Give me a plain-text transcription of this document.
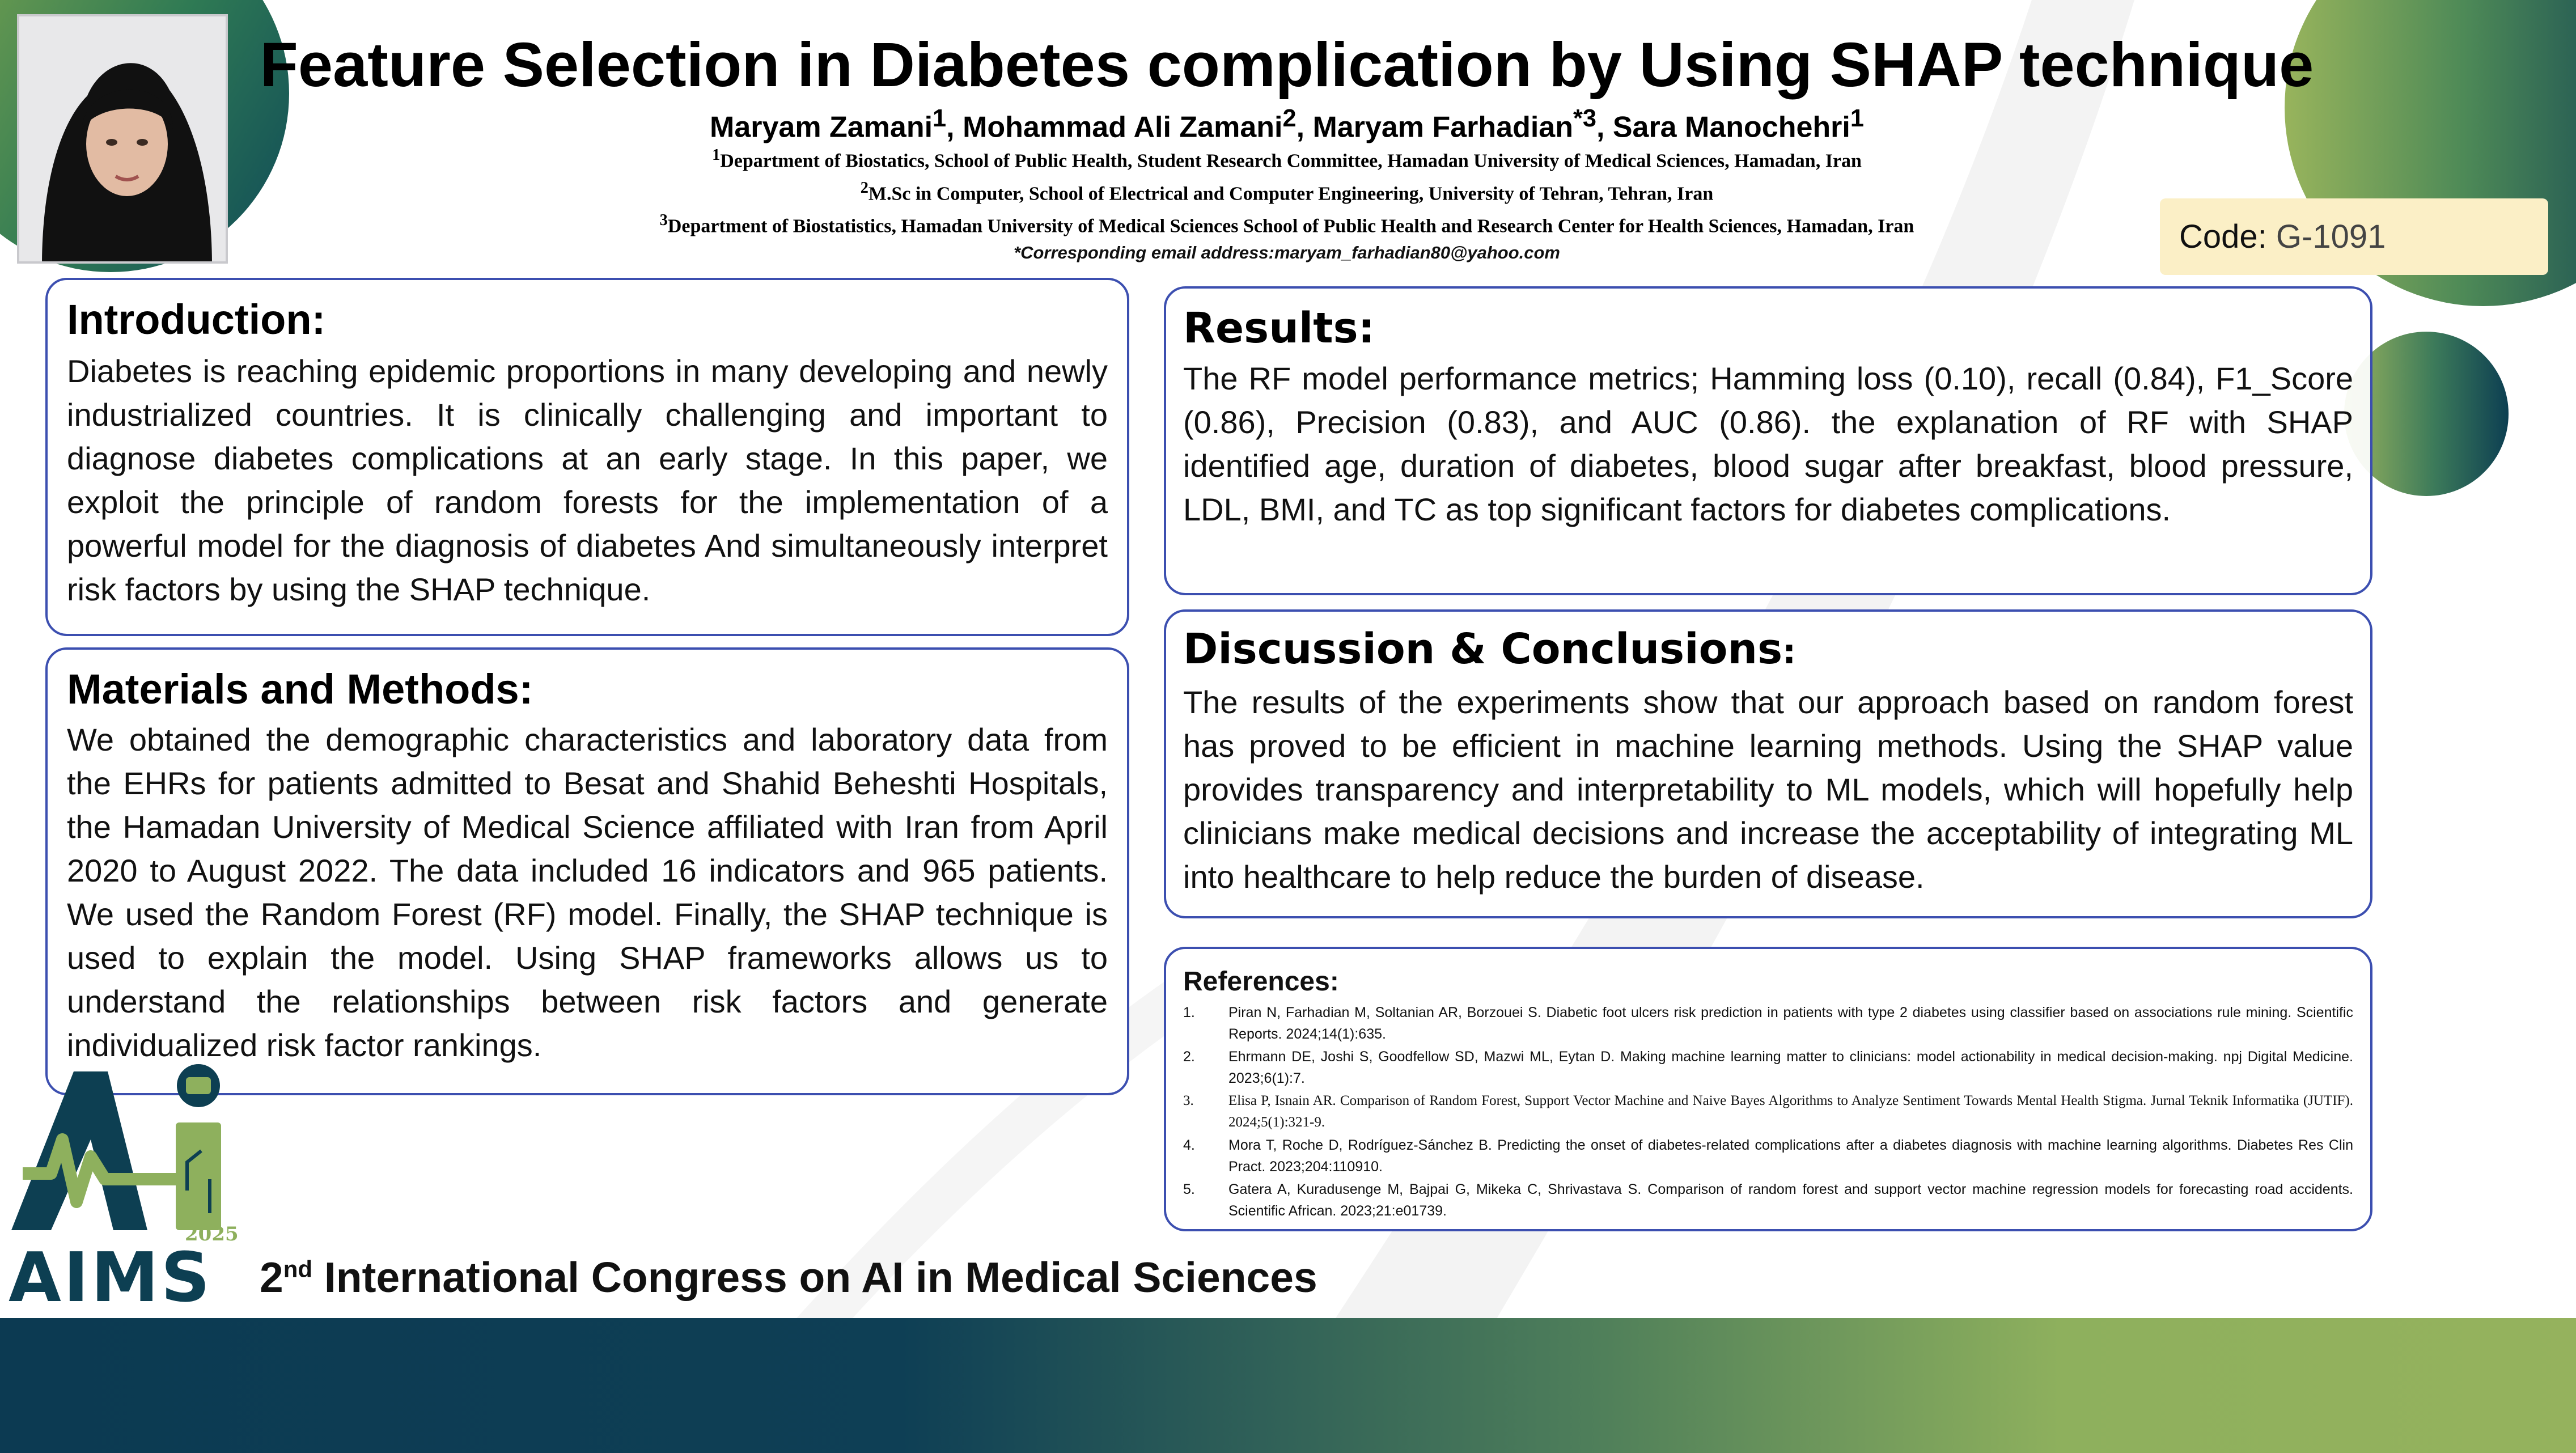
Feature Selection in Diabetes complication by Using SHAP technique
Maryam Zamani$^1$, Mohammad Ali Zamani$^2$, Maryam Farhadian$^{*3}$, Sara Manochehri$^1$
$^1$Department of Biostatics, School of Public Health, Student Research Committee, Hamadan University of Medical Sciences, Hamadan, Iran
$^2$M.Sc in Computer, School of Electrical and Computer Engineering, University of Tehran, Tehran, Iran
$^3$Department of Biostatistics, Hamadan University of Medical Sciences School of Public Health and Research Center for Health Sciences, Hamadan, Iran
*Corresponding email address:maryam_farhadian80@yahoo.com	Code: G-1091
Introduction:

Diabetes is reaching epidemic proportions in many developing and newly industrialized countries. It is clinically challenging and important to diagnose diabetes complications at an early stage. In this paper, we exploit the principle of random forests for the implementation of a powerful model for the diagnosis of diabetes And simultaneously interpret risk factors by using the SHAP technique.

Materials and Methods:

We obtained the demographic characteristics and laboratory data from the EHRs for patients admitted to Besat and Shahid Beheshti Hospitals, the Hamadan University of Medical Science affiliated with Iran from April 2020 to August 2022. The data included 16 indicators and 965 patients. We used the Random Forest (RF) model. Finally, the SHAP technique is used to explain the model. Using SHAP frameworks allows us to understand the relationships between risk factors and generate individualized risk factor rankings.

Results:

The RF model performance metrics; Hamming loss (0.10), recall (0.84), F1_Score (0.86), Precision (0.83), and AUC (0.86). the explanation of RF with SHAP identified age, duration of diabetes, blood sugar after breakfast, blood pressure, LDL, BMI, and TC as top significant factors for diabetes complications.

Discussion & Conclusions:

The results of the experiments show that our approach based on random forest has proved to be efficient in machine learning methods. Using the SHAP value provides transparency and interpretability to ML models, which will hopefully help clinicians make medical decisions and increase the acceptability of integrating ML into healthcare to help reduce the burden of disease.

References:
1.	Piran N, Farhadian M, Soltanian AR, Borzouei S. Diabetic foot ulcers risk prediction in patients with type 2 diabetes using classifier based on associations rule mining. Scientific Reports. 2024;14(1):635.
2.	Ehrmann DE, Joshi S, Goodfellow SD, Mazwi ML, Eytan D. Making machine learning matter to clinicians: model actionability in medical decision-making. npj Digital Medicine. 2023;6(1):7.
3.	Elisa P, Isnain AR. Comparison of Random Forest, Support Vector Machine and Naive Bayes Algorithms to Analyze Sentiment Towards Mental Health Stigma. Jurnal Teknik Informatika (JUTIF). 2024;5(1):321-9.
4.	Mora T, Roche D, Rodríguez-Sánchez B. Predicting the onset of diabetes-related complications after a diabetes diagnosis with machine learning algorithms. Diabetes Res Clin Pract. 2023;204:110910.
5.	Gatera A, Kuradusenge M, Bajpai G, Mikeka C, Shrivastava S. Comparison of random forest and support vector machine regression models for forecasting road accidents. Scientific African. 2023;21:e01739.
2025
AIMS 2nd International Congress on AI in Medical Sciences
